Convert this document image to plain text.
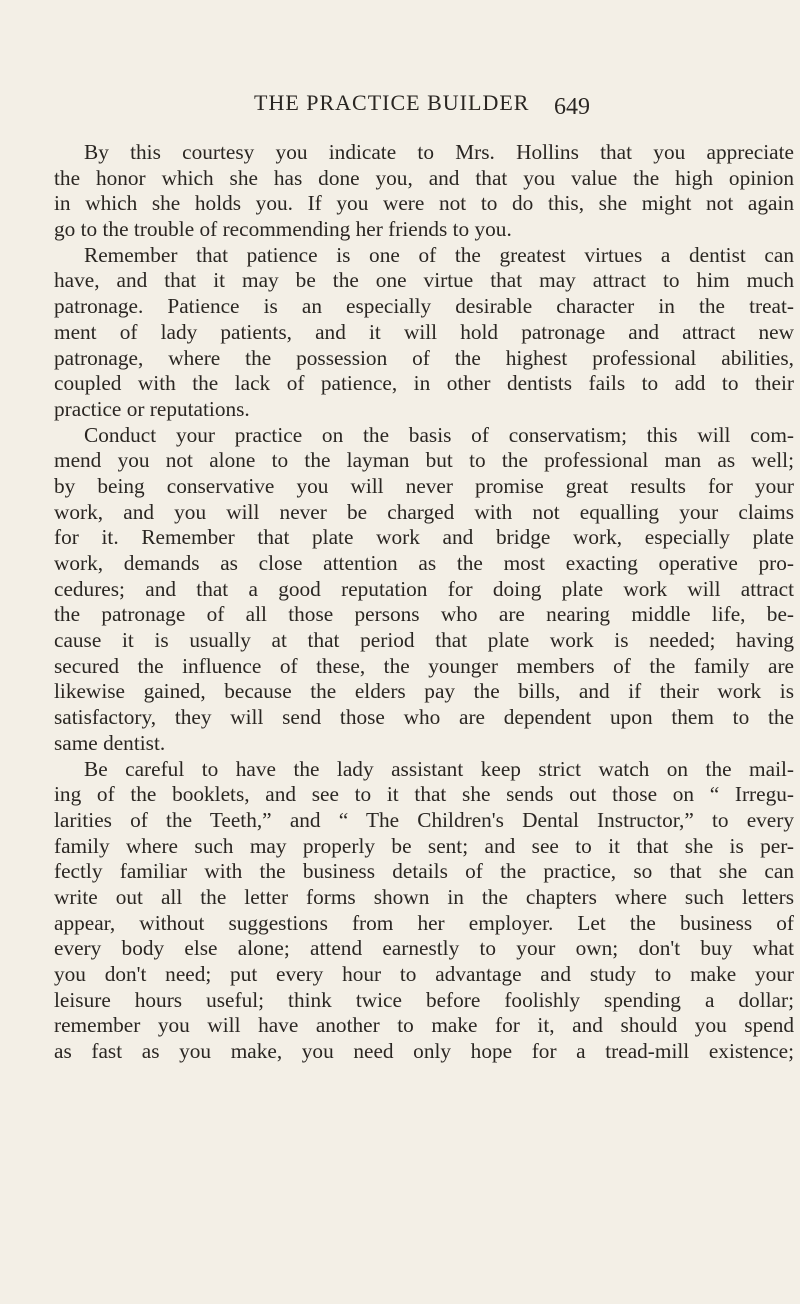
THE PRACTICE BUILDER 649
By this courtesy you indicate to Mrs. Hollins that you appreciate
the honor which she has done you, and that you value the high opinion
in which she holds you. If you were not to do this, she might not again
go to the trouble of recommending her friends to you.
Remember that patience is one of the greatest virtues a dentist can
have, and that it may be the one virtue that may attract to him much
patronage. Patience is an especially desirable character in the treat-
ment of lady patients, and it will hold patronage and attract new
patronage, where the possession of the highest professional abilities,
coupled with the lack of patience, in other dentists fails to add to their
practice or reputations.
Conduct your practice on the basis of conservatism; this will com-
mend you not alone to the layman but to the professional man as well;
by being conservative you will never promise great results for your
work, and you will never be charged with not equalling your claims
for it. Remember that plate work and bridge work, especially plate
work, demands as close attention as the most exacting operative pro-
cedures; and that a good reputation for doing plate work will attract
the patronage of all those persons who are nearing middle life, be-
cause it is usually at that period that plate work is needed; having
secured the influence of these, the younger members of the family are
likewise gained, because the elders pay the bills, and if their work is
satisfactory, they will send those who are dependent upon them to the
same dentist.
Be careful to have the lady assistant keep strict watch on the mail-
ing of the booklets, and see to it that she sends out those on “ Irregu-
larities of the Teeth,” and “ The Children's Dental Instructor,” to every
family where such may properly be sent; and see to it that she is per-
fectly familiar with the business details of the practice, so that she can
write out all the letter forms shown in the chapters where such letters
appear, without suggestions from her employer. Let the business of
every body else alone; attend earnestly to your own; don't buy what
you don't need; put every hour to advantage and study to make your
leisure hours useful; think twice before foolishly spending a dollar;
remember you will have another to make for it, and should you spend
as fast as you make, you need only hope for a tread-mill existence;
